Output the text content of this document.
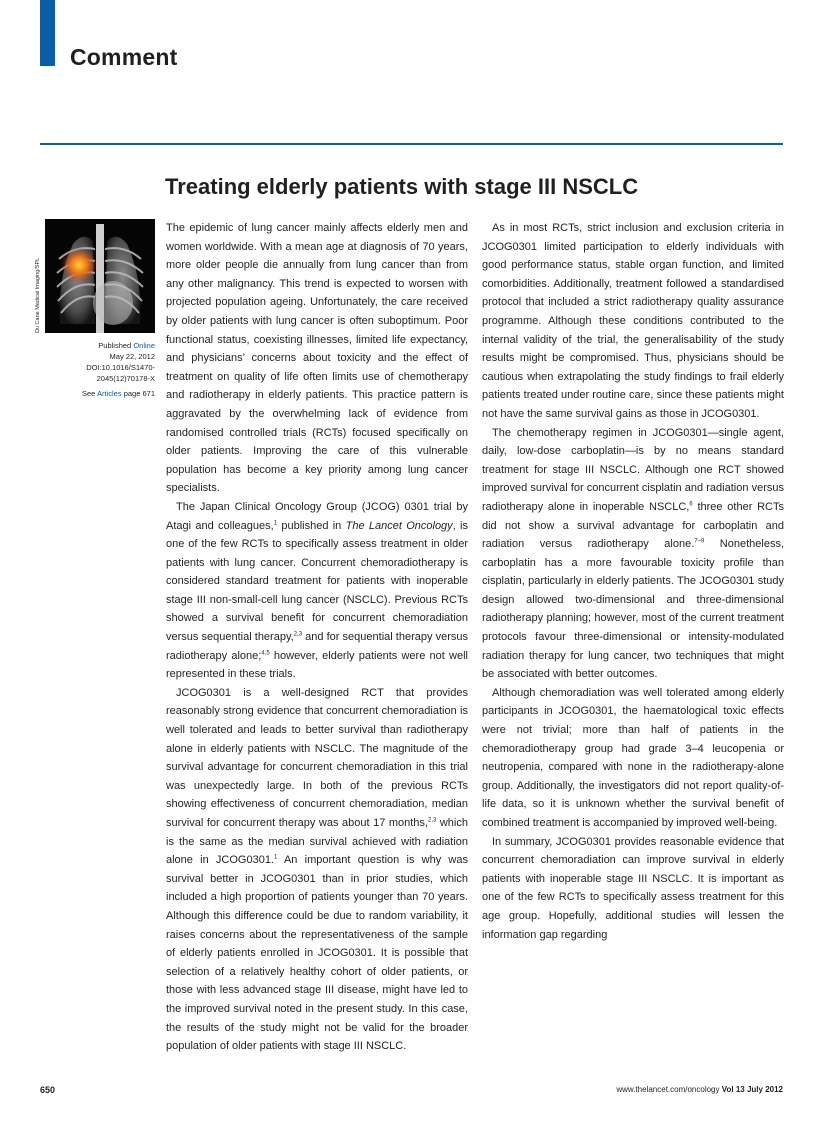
Comment
Treating elderly patients with stage III NSCLC
Du Cane Medical Imaging/SPL
Published Online
May 22, 2012
DOI:10.1016/S1470-
2045(12)70178-X
See Articles page 671

The epidemic of lung cancer mainly affects elderly men and women worldwide. With a mean age at diagnosis of 70 years, more older people die annually from lung cancer than from any other malignancy. This trend is expected to worsen with projected population ageing. Unfortunately, the care received by older patients with lung cancer is often suboptimum. Poor functional status, coexisting illnesses, limited life expectancy, and physicians’ concerns about toxicity and the effect of treatment on quality of life often limits use of chemotherapy and radiotherapy in elderly patients. This practice pattern is aggravated by the overwhelming lack of evidence from randomised controlled trials (RCTs) focused specifically on older patients. Improving the care of this vulnerable population has become a key priority among lung cancer specialists.

The Japan Clinical Oncology Group (JCOG) 0301 trial by Atagi and colleagues,$^1$ published in The Lancet Oncology, is one of the few RCTs to specifically assess treatment in older patients with lung cancer. Concurrent chemoradiotherapy is considered standard treatment for patients with inoperable stage III non-small-cell lung cancer (NSCLC). Previous RCTs showed a survival benefit for concurrent chemoradiation versus sequential therapy,$^{2,3}$ and for sequential therapy versus radiotherapy alone;$^{4,5}$ however, elderly patients were not well represented in these trials.

JCOG0301 is a well-designed RCT that provides reasonably strong evidence that concurrent chemoradiation is well tolerated and leads to better survival than radiotherapy alone in elderly patients with NSCLC. The magnitude of the survival advantage for concurrent chemoradiation in this trial was unexpectedly large. In both of the previous RCTs showing effectiveness of concurrent chemoradiation, median survival for concurrent therapy was about 17 months,$^{2,3}$ which is the same as the median survival achieved with radiation alone in JCOG0301.$^1$ An important question is why was survival better in JCOG0301 than in prior studies, which included a high proportion of patients younger than 70 years. Although this difference could be due to random variability, it raises concerns about the representativeness of the sample of elderly patients enrolled in JCOG0301. It is possible that selection of a relatively healthy cohort of older patients, or those with less advanced stage III disease, might have led to the improved survival noted in the present study. In this case, the results of the study might not be valid for the broader population of older patients with stage III NSCLC.

As in most RCTs, strict inclusion and exclusion criteria in JCOG0301 limited participation to elderly individuals with good performance status, stable organ function, and limited comorbidities. Additionally, treatment followed a standardised protocol that included a strict radiotherapy quality assurance programme. Although these conditions contributed to the internal validity of the trial, the generalisability of the study results might be compromised. Thus, physicians should be cautious when extrapolating the study findings to frail elderly patients treated under routine care, since these patients might not have the same survival gains as those in JCOG0301.

The chemotherapy regimen in JCOG0301—single agent, daily, low-dose carboplatin—is by no means standard treatment for stage III NSCLC. Although one RCT showed improved survival for concurrent cisplatin and radiation versus radiotherapy alone in inoperable NSCLC,$^6$ three other RCTs did not show a survival advantage for carboplatin and radiation versus radiotherapy alone.$^{7-9}$ Nonetheless, carboplatin has a more favourable toxicity profile than cisplatin, particularly in elderly patients. The JCOG0301 study design allowed two-dimensional and three-dimensional radiotherapy planning; however, most of the current treatment protocols favour three-dimensional or intensity-modulated radiation therapy for lung cancer, two techniques that might be associated with better outcomes.

Although chemoradiation was well tolerated among elderly participants in JCOG0301, the haematological toxic effects were not trivial; more than half of patients in the chemoradiotherapy group had grade 3–4 leucopenia or neutropenia, compared with none in the radiotherapy-alone group. Additionally, the investigators did not report quality-of-life data, so it is unknown whether the survival benefit of combined treatment is accompanied by improved well-being.

In summary, JCOG0301 provides reasonable evidence that concurrent chemoradiation can improve survival in elderly patients with inoperable stage III NSCLC. It is important as one of the few RCTs to specifically assess treatment for this age group. Hopefully, additional studies will lessen the information gap regarding

650	www.thelancet.com/oncology Vol 13 July 2012
